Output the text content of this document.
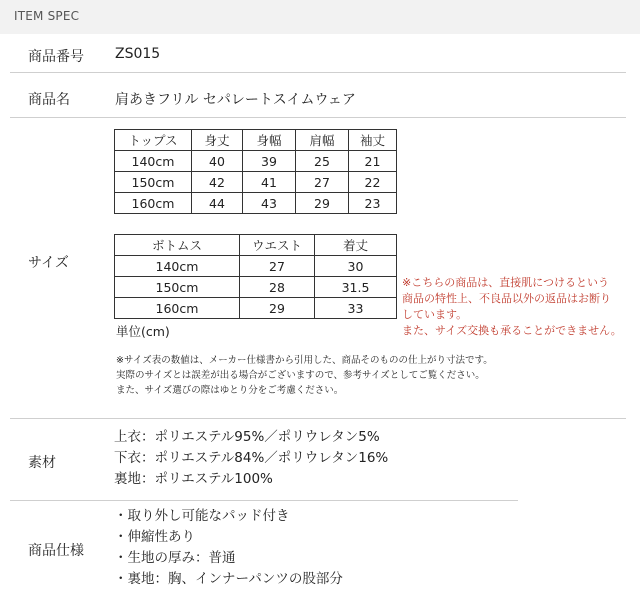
ITEM SPEC
商品番号 ZS015
商品名	肩あきフリル セパレートスイムウェア
サイズ
トップス	身丈	身幅	肩幅	袖丈
140cm	40	39	25	21
150cm	42	41	27	22
160cm	44	43	29	23
ボトムス	ウエスト	着丈
140cm	27	30
150cm	28	31.5
160cm	29	33
単位(cm)
※こちらの商品は、直接肌につけるという
商品の特性上、不良品以外の返品はお断り
しています。
また、サイズ交換も承ることができません。
※サイズ表の数値は、メーカー仕様書から引用した、商品そのものの仕上がり寸法です。
実際のサイズとは誤差が出る場合がございますので、参考サイズとしてご覧ください。
また、サイズ選びの際はゆとり分をご考慮ください。
素材
上衣：ポリエステル95%／ポリウレタン5%
下衣：ポリエステル84%／ポリウレタン16%
裏地：ポリエステル100%
商品仕様
・取り外し可能なパッド付き
・伸縮性あり
・生地の厚み：普通
・裏地：胸、インナーパンツの股部分
